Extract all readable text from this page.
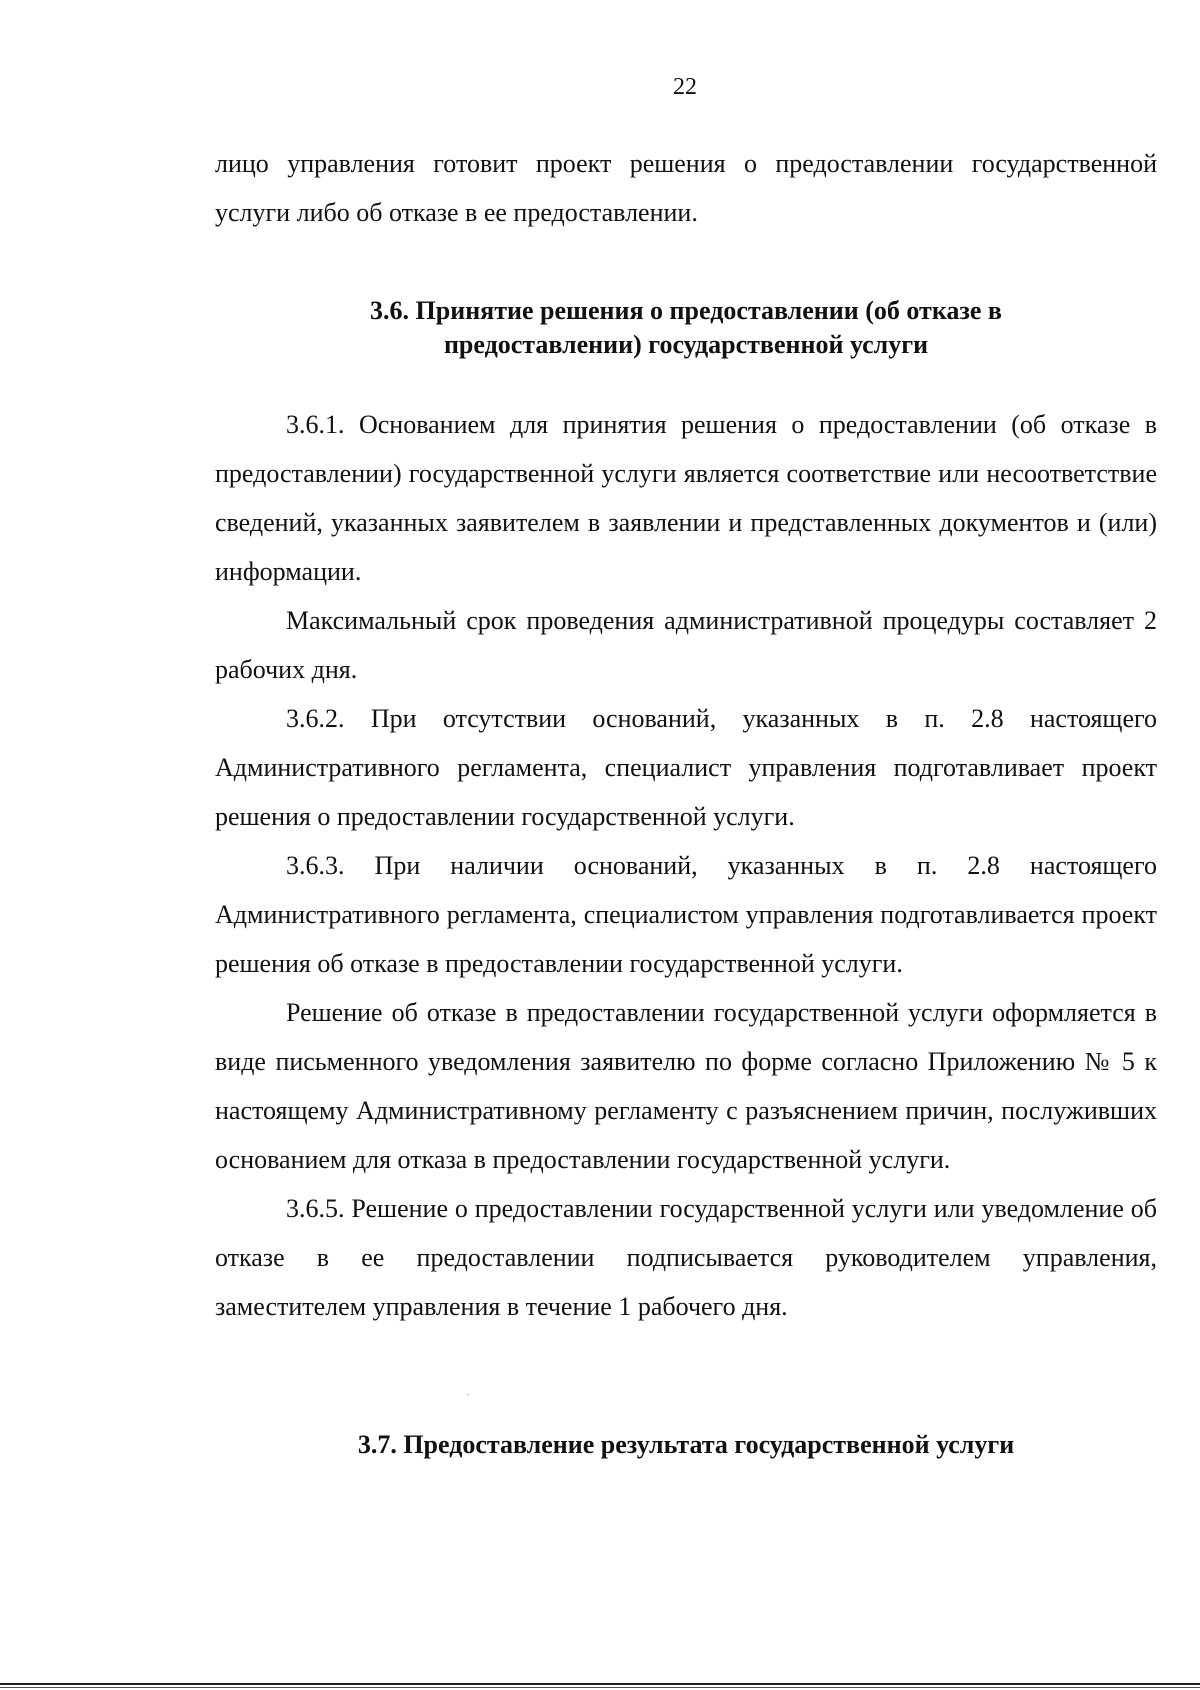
22

лицо управления готовит проект решения о предоставлении государственной

услуги либо об отказе в ее предоставлении.

3.6. Принятие решения о предоставлении (об отказе в
предоставлении) государственной услуги

3.6.1. Основанием для принятия решения о предоставлении (об отказе в предоставлении) государственной услуги является соответствие или несоответствие сведений, указанных заявителем в заявлении и представленных документов и (или) информации.

Максимальный срок проведения административной процедуры составляет 2 рабочих дня.

3.6.2. При отсутствии оснований, указанных в п. 2.8 настоящего Административного регламента, специалист управления подготавливает проект решения о предоставлении государственной услуги.

3.6.3. При наличии оснований, указанных в п. 2.8 настоящего Административного регламента, специалистом управления подготавливается проект решения об отказе в предоставлении государственной услуги.

Решение об отказе в предоставлении государственной услуги оформляется в виде письменного уведомления заявителю по форме согласно Приложению № 5 к настоящему Административному регламенту с разъяснением причин, послуживших основанием для отказа в предоставлении государственной услуги.

3.6.5. Решение о предоставлении государственной услуги или уведомление об отказе в ее предоставлении подписывается руководителем управления, заместителем управления в течение 1 рабочего дня.

3.7. Предоставление результата государственной услуги
